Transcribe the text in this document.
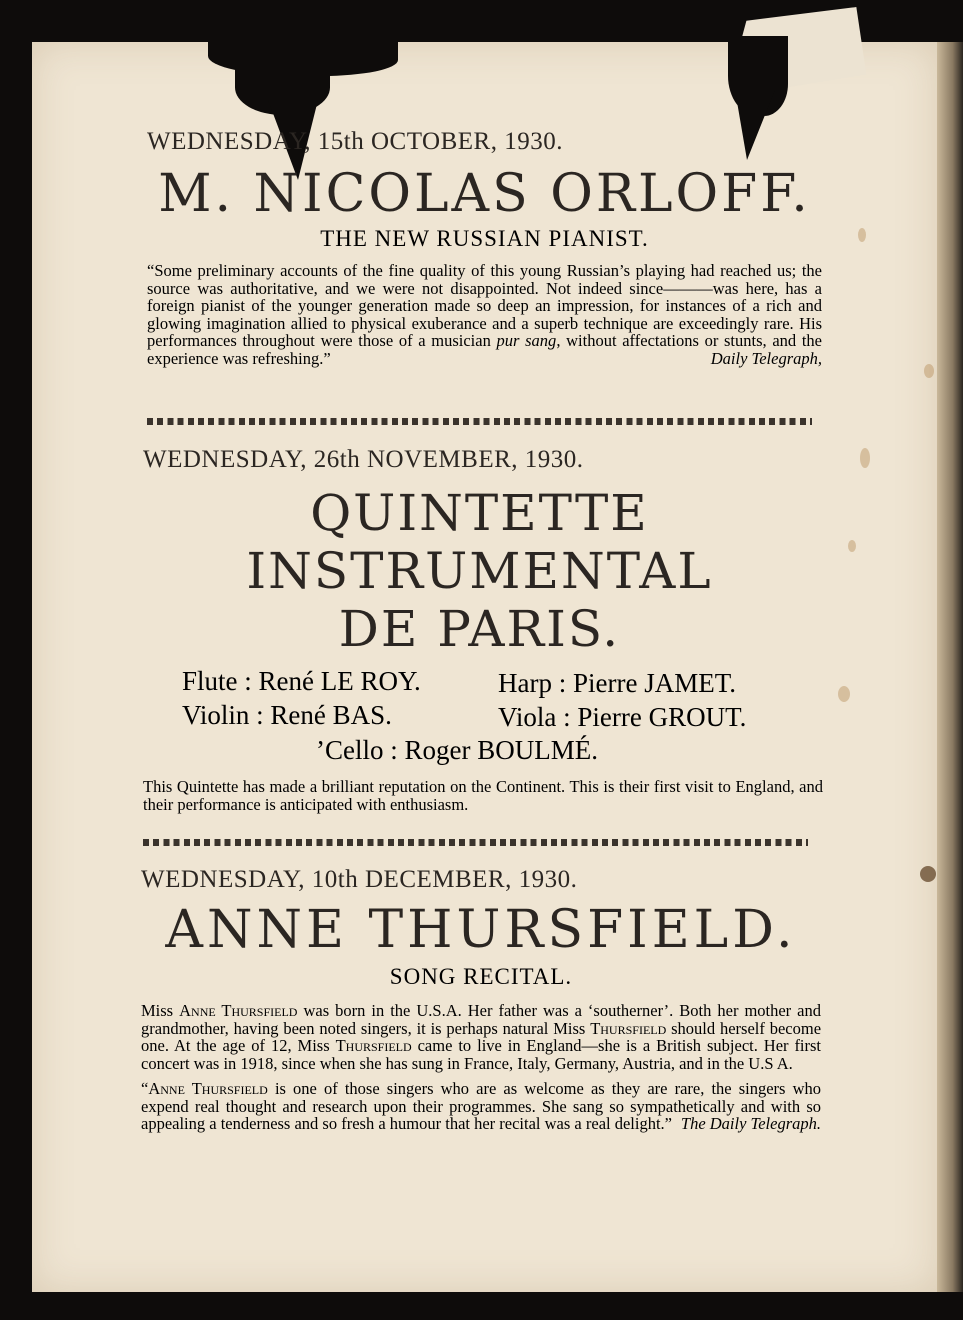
WEDNESDAY, 15th OCTOBER, 1930.
M. NICOLAS ORLOFF.
THE NEW RUSSIAN PIANIST.
“Some preliminary accounts of the fine quality of this young Russian’s playing had reached us; the source was authoritative, and we were not disappointed. Not indeed since———was here, has a foreign pianist of the younger generation made so deep an impression, for instances of a rich and glowing imagination allied to physical exuberance and a superb technique are exceedingly rare. His performances throughout were those of a musician pur sang, without affectations or stunts, and the experience was refreshing.”	Daily Telegraph,
WEDNESDAY, 26th NOVEMBER, 1930.
QUINTETTE
INSTRUMENTAL
DE PARIS.
Flute : René LE ROY.	Harp : Pierre JAMET.
Violin : René BAS.	Viola : Pierre GROUT.
’Cello : Roger BOULMÉ.
This Quintette has made a brilliant reputation on the Continent. This is their first visit to England, and their performance is anticipated with enthusiasm.
WEDNESDAY, 10th DECEMBER, 1930.
ANNE THURSFIELD.
SONG RECITAL.
Miss Anne Thursfield was born in the U.S.A. Her father was a ‘southerner’. Both her mother and grandmother, having been noted singers, it is perhaps natural Miss Thursfield should herself become one. At the age of 12, Miss Thursfield came to live in England—she is a British subject. Her first concert was in 1918, since when she has sung in France, Italy, Germany, Austria, and in the U.S A.
“Anne Thursfield is one of those singers who are as welcome as they are rare, the singers who expend real thought and research upon their programmes. She sang so sympathetically and with so appealing a tenderness and so fresh a humour that her recital was a real delight.” The Daily Telegraph.
